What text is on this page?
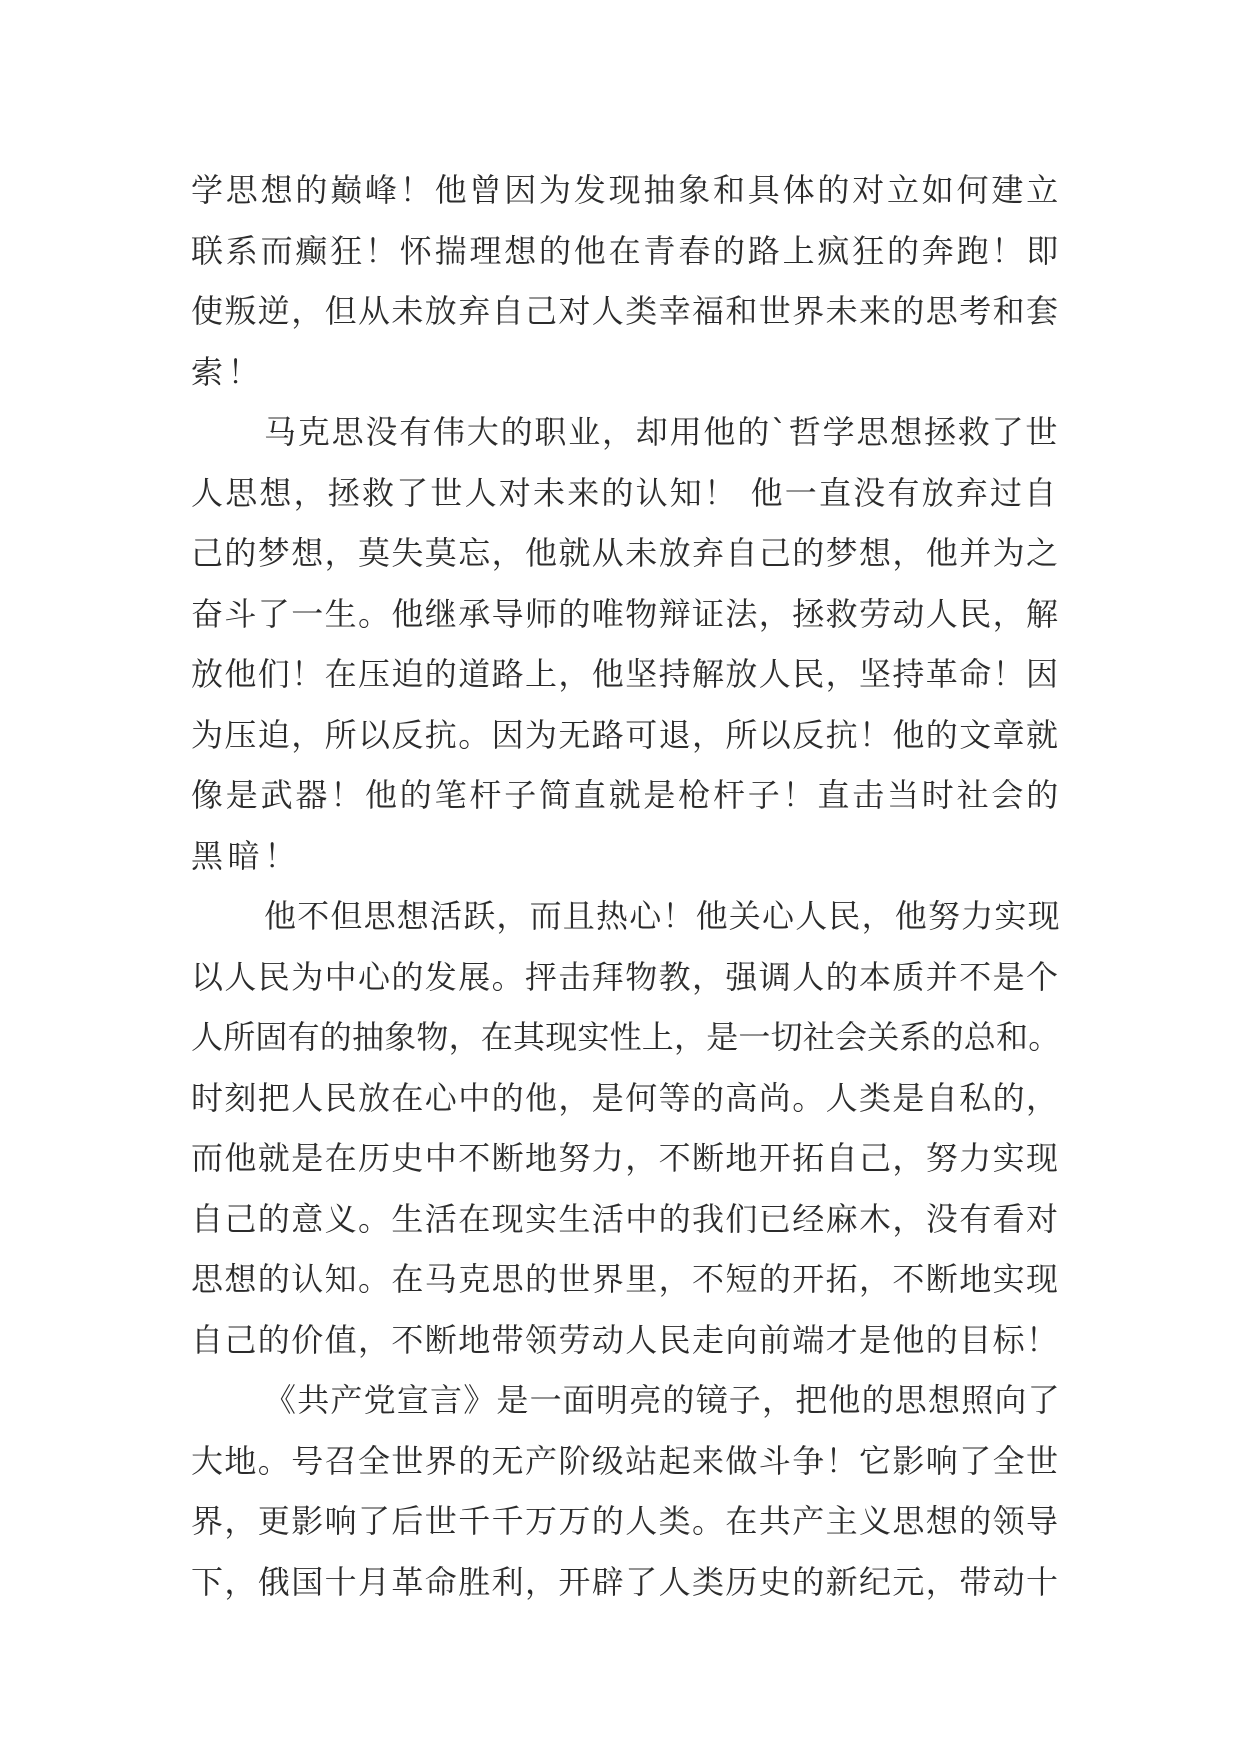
学思想的巅峰！他曾因为发现抽象和具体的对立如何建立
联系而癫狂！怀揣理想的他在青春的路上疯狂的奔跑！即
使叛逆，但从未放弃自己对人类幸福和世界未来的思考和套
索！
马克思没有伟大的职业，却用他的`哲学思想拯救了世
人思想，拯救了世人对未来的认知！ 他一直没有放弃过自
己的梦想，莫失莫忘，他就从未放弃自己的梦想，他并为之
奋斗了一生。他继承导师的唯物辩证法，拯救劳动人民，解
放他们！在压迫的道路上，他坚持解放人民，坚持革命！因
为压迫，所以反抗。因为无路可退，所以反抗！他的文章就
像是武器！他的笔杆子简直就是枪杆子！直击当时社会的
黑暗！
他不但思想活跃，而且热心！他关心人民，他努力实现
以人民为中心的发展。抨击拜物教，强调人的本质并不是个
人所固有的抽象物，在其现实性上，是一切社会关系的总和。
时刻把人民放在心中的他，是何等的高尚。人类是自私的，
而他就是在历史中不断地努力，不断地开拓自己，努力实现
自己的意义。生活在现实生活中的我们已经麻木，没有看对
思想的认知。在马克思的世界里，不短的开拓，不断地实现
自己的价值，不断地带领劳动人民走向前端才是他的目标！
《共产党宣言》是一面明亮的镜子，把他的思想照向了
大地。号召全世界的无产阶级站起来做斗争！它影响了全世
界，更影响了后世千千万万的人类。在共产主义思想的领导
下，俄国十月革命胜利，开辟了人类历史的新纪元，带动十
